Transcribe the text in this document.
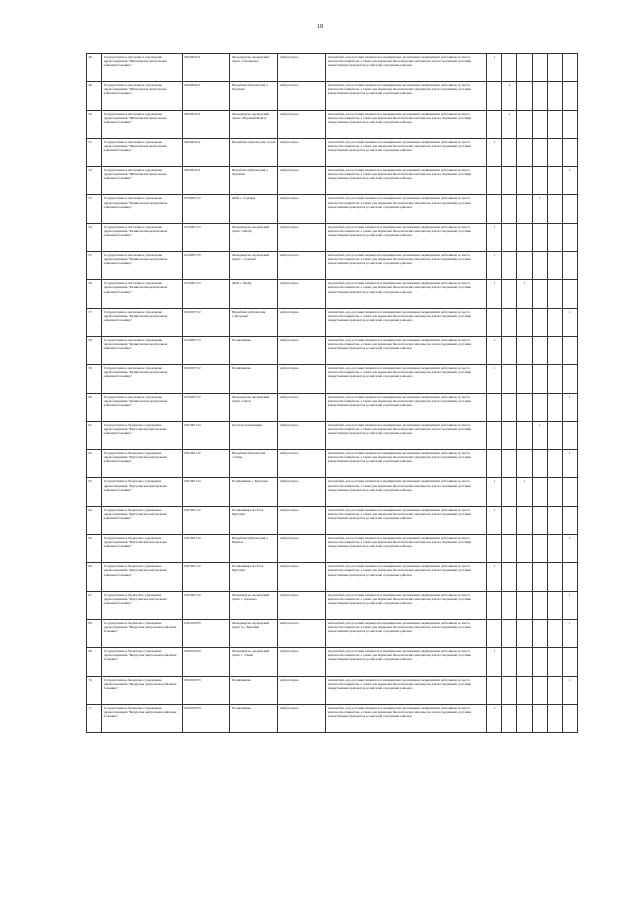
18
48	Государственное автономное учреждение здравоохранения "Шелеховская центральная районная больница"	0304003411	Фельдшерско-акушерский пункт с.Олхинское	Амбулаторно	Автомобиль для доставки пациентов в медицинские организации, медицинских работников до места жительства пациентов, а также для перевозки биологических материалов для исследований, доставки лекарственных препаратов до жителей отдаленных районов	1					
49	Государственное автономное учреждение здравоохранения "Шелеховская центральная районная больница"	0304003411	Врачебная амбулатория с. Хурзанка	Амбулаторно	Автомобиль для доставки пациентов в медицинские организации, медицинских работников до места жительства пациентов, а также для перевозки биологических материалов для исследований, доставки лекарственных препаратов до жителей отдаленных районов		1				
50	Государственное автономное учреждение здравоохранения "Шелеховская центральная районная больница"	0304003411	Фельдшерско-акушерский пункт с.Верхний Мангут	Амбулаторно	Автомобиль для доставки пациентов в медицинские организации, медицинских работников до места жительства пациентов, а также для перевозки биологических материалов для исследований, доставки лекарственных препаратов до жителей отдаленных районов		1				
51	Государственное автономное учреждение здравоохранения "Шелеховская центральная районная больница"	0304003411	Врачебная амбулатория с.Сухи	Амбулаторно	Автомобиль для доставки пациентов в медицинские организации, медицинских работников до места жительства пациентов, а также для перевозки биологических материалов для исследований, доставки лекарственных препаратов до жителей отдаленных районов	1					
52	Государственное автономное учреждение здравоохранения "Шелеховская центральная районная больница"	0304003411	Врачебная амбулатория с. Хурзанка	Амбулаторно	Автомобиль для доставки пациентов в медицинские организации, медицинских работников до места жительства пациентов, а также для перевозки биологических материалов для исследований, доставки лекарственных препаратов до жителей отдаленных районов						1
53	Государственное автономное учреждение здравоохранения "Качинганская центральная районная больница"	0310097172	ФАП с. Сунгари	Амбулаторно	Автомобиль для доставки пациентов в медицинские организации, медицинских работников до места жительства пациентов, а также для перевозки биологических материалов для исследований, доставки лекарственных препаратов до жителей отдаленных районов				1		
54	Государственное автономное учреждение здравоохранения "Качинганская центральная районная больница"	0310097172	Фельдшерско-акушерский пункт с.Чилбу	Амбулаторно	Автомобиль для доставки пациентов в медицинские организации, медицинских работников до места жительства пациентов, а также для перевозки биологических материалов для исследований, доставки лекарственных препаратов до жителей отдаленных районов	1					
55	Государственное автономное учреждение здравоохранения "Качинганская центральная районная больница"	0310097172	Фельдшерско-акушерский пункт с. Сунгари	Амбулаторно	Автомобиль для доставки пациентов в медицинские организации, медицинских работников до места жительства пациентов, а также для перевозки биологических материалов для исследований, доставки лекарственных препаратов до жителей отдаленных районов	1					
56	Государственное автономное учреждение здравоохранения "Качинганская центральная районная больница"	0310097172	ФАП с. Чилбу	Амбулаторно	Автомобиль для доставки пациентов в медицинские организации, медицинских работников до места жительства пациентов, а также для перевозки биологических материалов для исследований, доставки лекарственных препаратов до жителей отдаленных районов	1		1			
57	Государственное автономное учреждение здравоохранения "Качинганская центральная районная больница"	0310097172	Врачебная амбулатория с.Загорный	Амбулаторно	Автомобиль для доставки пациентов в медицинские организации, медицинских работников до места жительства пациентов, а также для перевозки биологических материалов для исследований, доставки лекарственных препаратов до жителей отдаленных районов						1
58	Государственное автономное учреждение здравоохранения "Качинганская центральная районная больница"	0310097172	Поликлиника	Амбулаторно	Автомобиль для доставки пациентов в медицинские организации, медицинских работников до места жительства пациентов, а также для перевозки биологических материалов для исследований, доставки лекарственных препаратов до жителей отдаленных районов	1					
59	Государственное автономное учреждение здравоохранения "Качинганская центральная районная больница"	0310097172	Поликлиника	Амбулаторно	Автомобиль для доставки пациентов в медицинские организации, медицинских работников до места жительства пациентов, а также для перевозки биологических материалов для исследований, доставки лекарственных препаратов до жителей отдаленных районов	1					
60	Государственное автономное учреждение здравоохранения "Качинганская центральная районная больница"	0310097172	Фельдшерско-акушерский пункт с.Ороп	Амбулаторно	Автомобиль для доставки пациентов в медицинские организации, медицинских работников до места жительства пациентов, а также для перевозки биологических материалов для исследований, доставки лекарственных препаратов до жителей отдаленных районов						1
61	Государственное бюджетное учреждение здравоохранения "Баргузинская центральная районная больница"	0301001512	Детская поликлиника	Амбулаторно	Автомобиль для доставки пациентов в медицинские организации, медицинских работников до места жительства пациентов, а также для перевозки биологических материалов для исследований, доставки лекарственных препаратов до жителей отдаленных районов				1		
62	Государственное бюджетное учреждение здравоохранения "Баргузинская центральная районная больница"	0301001512	Врачебная амбулатория с.Улюн	Амбулаторно	Автомобиль для доставки пациентов в медицинские организации, медицинских работников до места жительства пациентов, а также для перевозки биологических материалов для исследований, доставки лекарственных препаратов до жителей отдаленных районов						1
63	Государственное бюджетное учреждение здравоохранения "Баргузинская центральная районная больница"	0301001512	Поликлиника с. Баргузин	Амбулаторно	Автомобиль для доставки пациентов в медицинские организации, медицинских работников до места жительства пациентов, а также для перевозки биологических материалов для исследований, доставки лекарственных препаратов до жителей отдаленных районов	1		1			
64	Государственное бюджетное учреждение здравоохранения "Баргузинская центральная районная больница"	0301001512	Поликлиника пгт.Усть-Баргузин	Амбулаторно	Автомобиль для доставки пациентов в медицинские организации, медицинских работников до места жительства пациентов, а также для перевозки биологических материалов для исследований, доставки лекарственных препаратов до жителей отдаленных районов	1					
65	Государственное бюджетное учреждение здравоохранения "Баргузинская центральная районная больница"	0301001512	Врачебная амбулатория с. Баянгол	Амбулаторно	Автомобиль для доставки пациентов в медицинские организации, медицинских работников до места жительства пациентов, а также для перевозки биологических материалов для исследований, доставки лекарственных препаратов до жителей отдаленных районов						1
66	Государственное бюджетное учреждение здравоохранения "Баргузинская центральная районная больница"	0301001512	Поликлиника пгт.Усть-Баргузин	Амбулаторно	Автомобиль для доставки пациентов в медицинские организации, медицинских работников до места жительства пациентов, а также для перевозки биологических материалов для исследований, доставки лекарственных препаратов до жителей отдаленных районов	1					
67	Государственное бюджетное учреждение здравоохранения "Баргузинская центральная районная больница"	0301001512	Фельдшерско-акушерский пункт с. Адамово	Амбулаторно	Автомобиль для доставки пациентов в медицинские организации, медицинских работников до места жительства пациентов, а также для перевозки биологических материалов для исследований, доставки лекарственных препаратов до жителей отдаленных районов						1
68	Государственное бюджетное учреждение здравоохранения "Бичурская центральная районная больница"	0302100379	Фельдшерско-акушерский пункт п.с. Верхний	Амбулаторно	Автомобиль для доставки пациентов в медицинские организации, медицинских работников до места жительства пациентов, а также для перевозки биологических материалов для исследований, доставки лекарственных препаратов до жителей отдаленных районов						1
69	Государственное бюджетное учреждение здравоохранения "Бичурская центральная районная больница"	0302100379	Фельдшерско-акушерский пункт с. Узкий	Амбулаторно	Автомобиль для доставки пациентов в медицинские организации, медицинских работников до места жительства пациентов, а также для перевозки биологических материалов для исследований, доставки лекарственных препаратов до жителей отдаленных районов	1					
70	Государственное бюджетное учреждение здравоохранения "Бичурская центральная районная больница"	0302100379	Поликлиника	Амбулаторно	Автомобиль для доставки пациентов в медицинские организации, медицинских работников до места жительства пациентов, а также для перевозки биологических материалов для исследований, доставки лекарственных препаратов до жителей отдаленных районов						1
71	Государственное бюджетное учреждение здравоохранения "Бичурская центральная районная больница"	0302100379	Поликлиника	Амбулаторно	Автомобиль для доставки пациентов в медицинские организации, медицинских работников до места жительства пациентов, а также для перевозки биологических материалов для исследований, доставки лекарственных препаратов до жителей отдаленных районов	1					
